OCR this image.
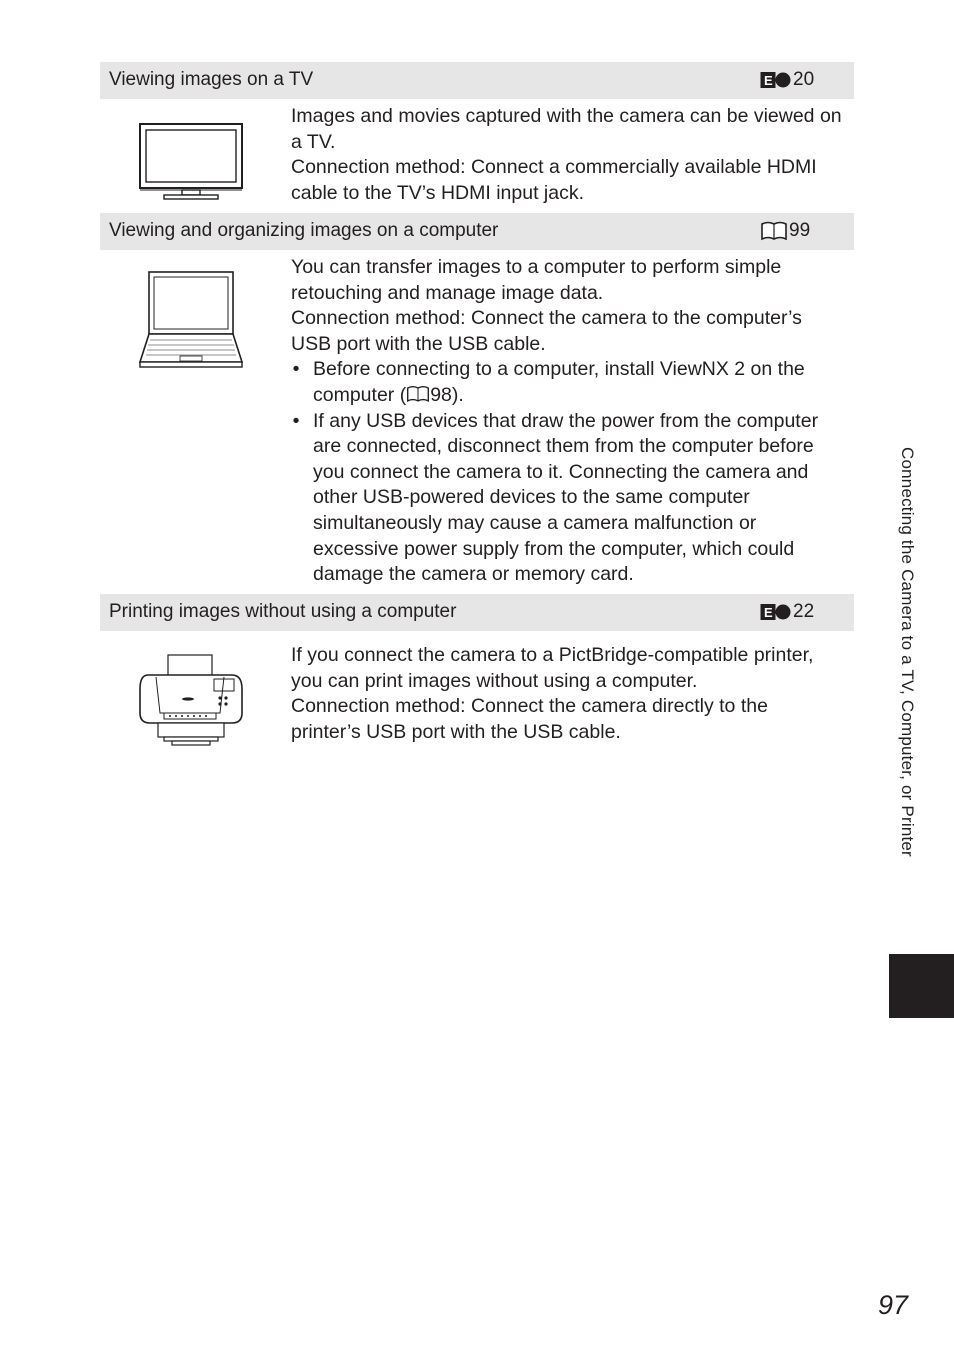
Viewing images on a TV	E 20

Images and movies captured with the camera can be viewed on a TV.

Connection method: Connect a commercially available HDMI cable to the TV’s HDMI input jack.

Viewing and organizing images on a computer	99

You can transfer images to a computer to perform simple retouching and manage image data.

Connection method: Connect the camera to the computer’s USB port with the USB cable.

• Before connecting to a computer, install ViewNX 2 on the computer ( 98).
• If any USB devices that draw the power from the computer are connected, disconnect them from the computer before you connect the camera to it. Connecting the camera and other USB-powered devices to the same computer simultaneously may cause a camera malfunction or excessive power supply from the computer, which could damage the camera or memory card.
Printing images without using a computer	E 22

If you connect the camera to a PictBridge-compatible printer, you can print images without using a computer.

Connection method: Connect the camera directly to the printer’s USB port with the USB cable.	Connecting the Camera to a TV, Computer, or Printer
97
